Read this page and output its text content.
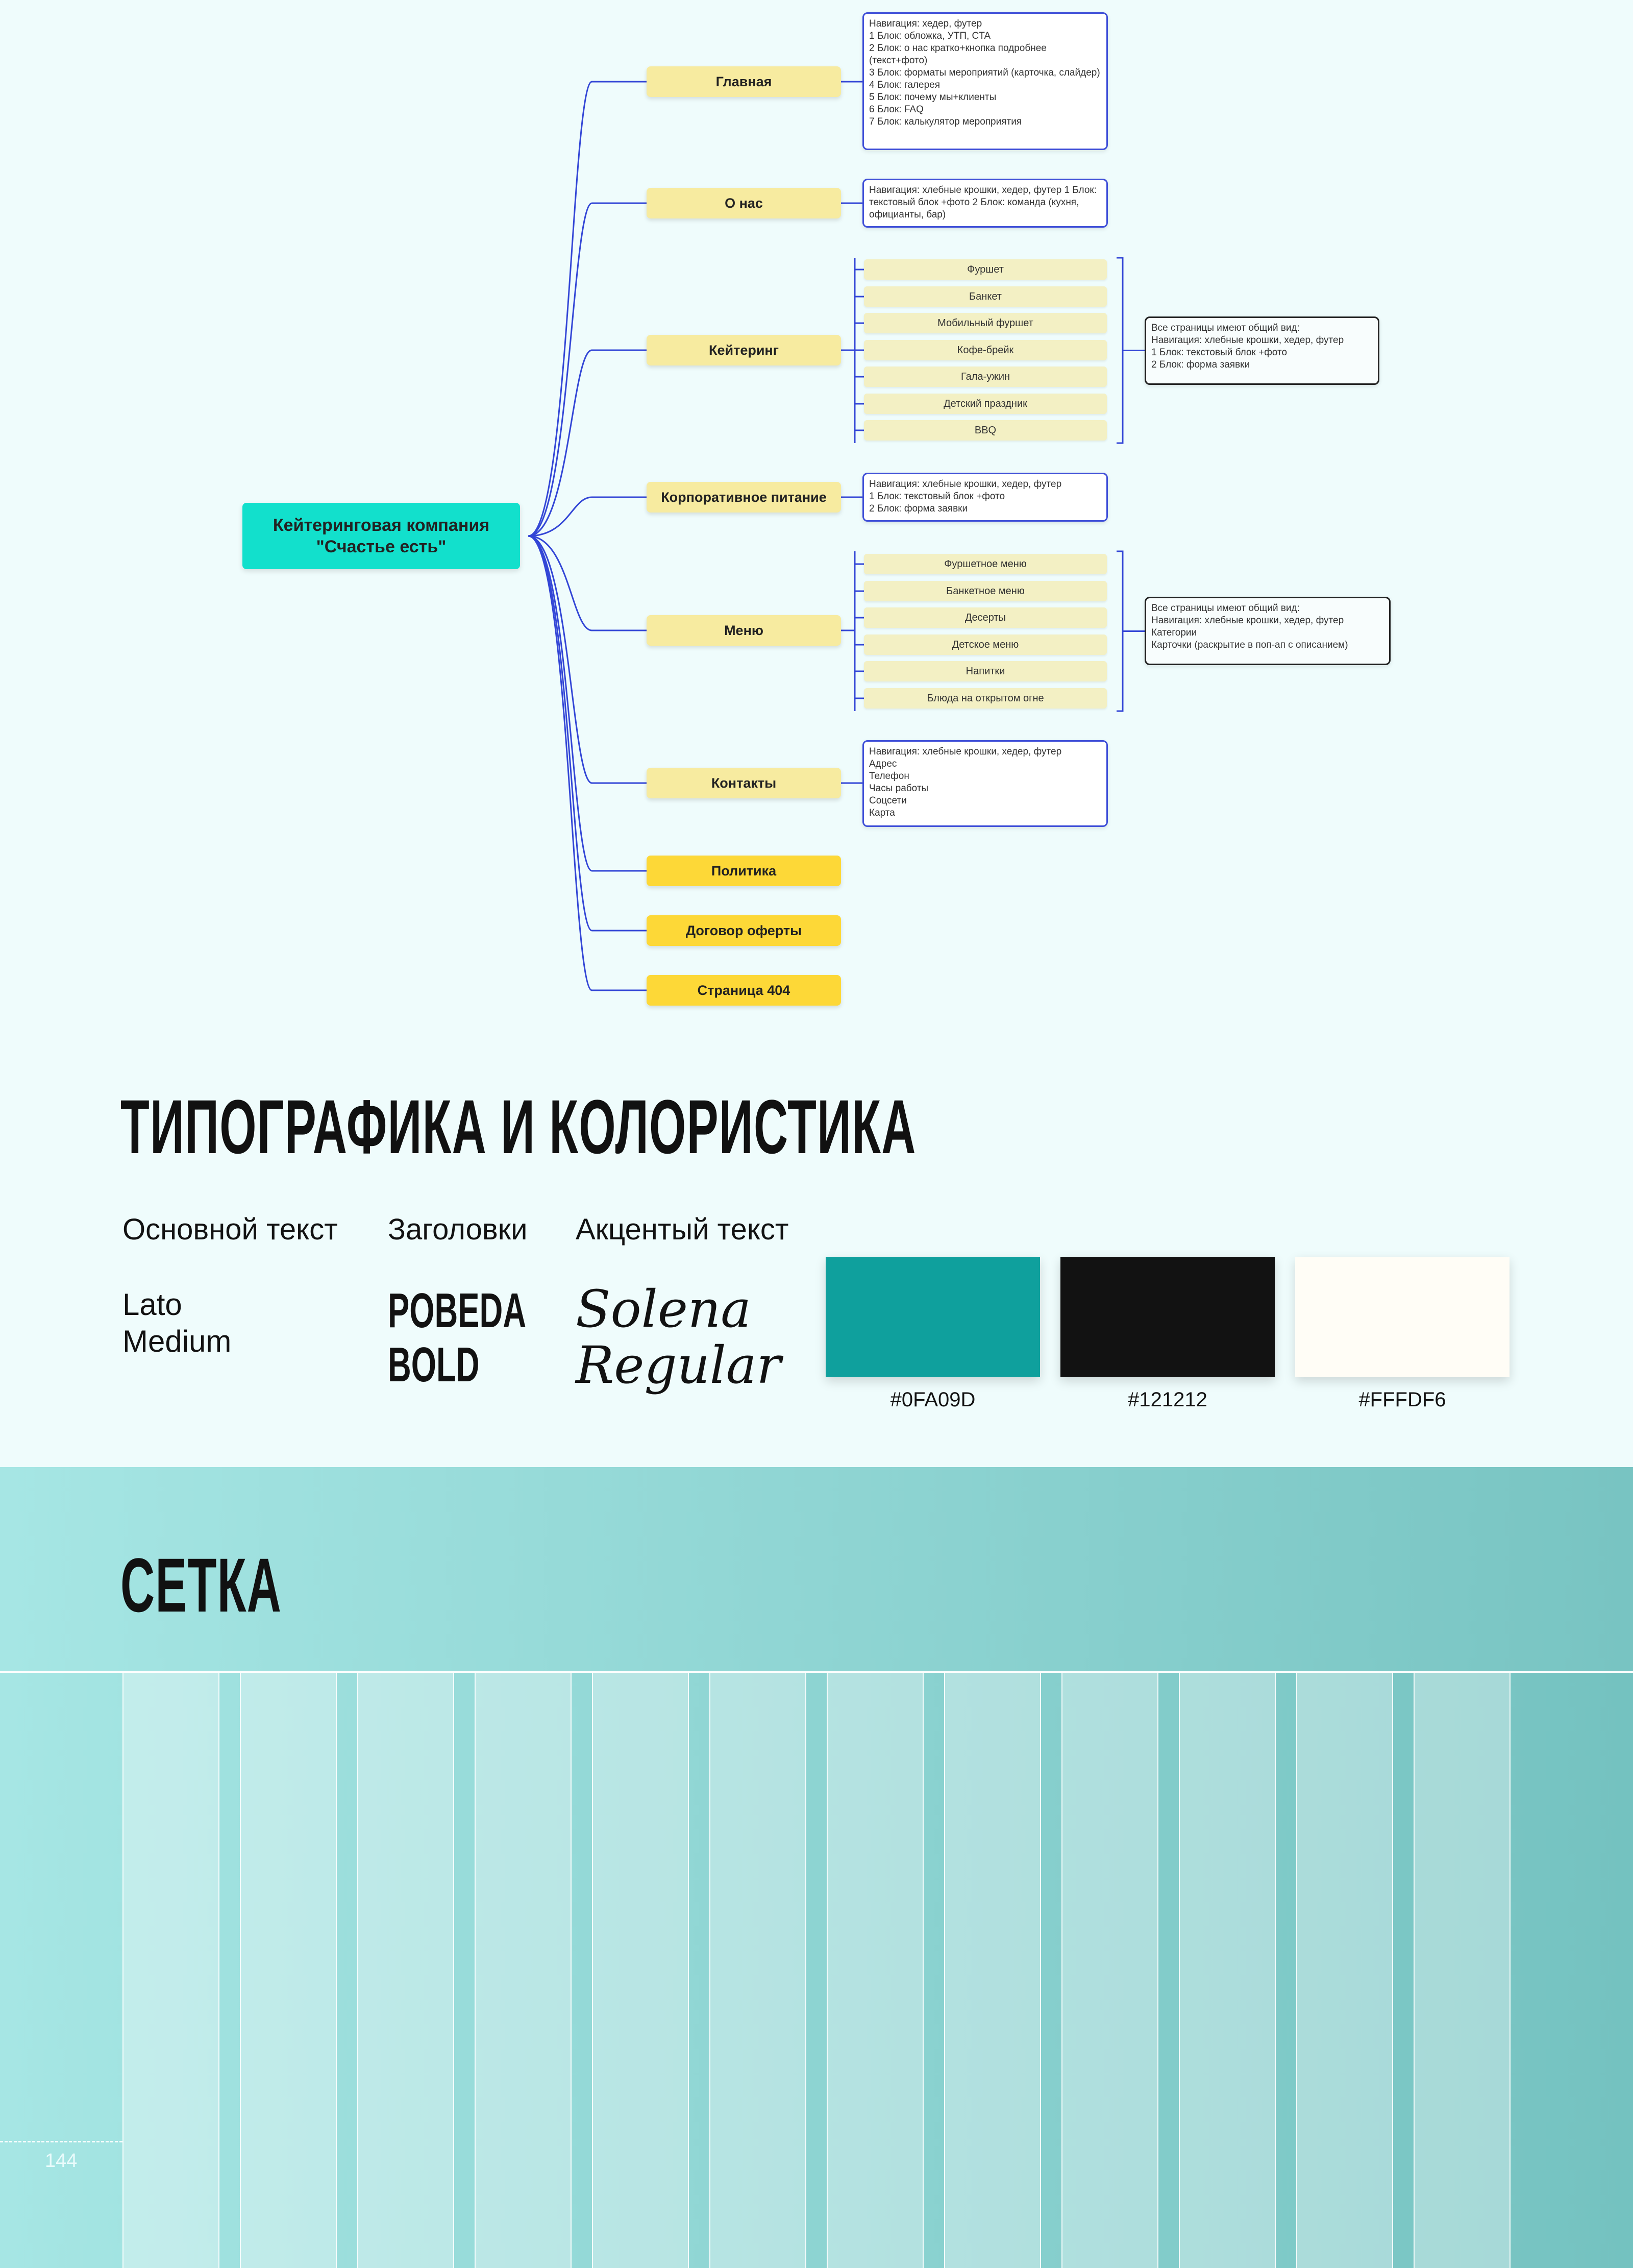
Кейтеринговая компания
"Счастье есть"
Главная
О нас
Кейтеринг
Корпоративное питание
Меню
Контакты
Политика
Договор оферты
Страница 404
Навигация: хедер, футер
1 Блок: обложка, УТП, CTA
2 Блок: о нас кратко+кнопка подробнее (текст+фото)
3 Блок: форматы мероприятий (карточка, слайдер)
4 Блок: галерея
5 Блок: почему мы+клиенты
6 Блок: FAQ
7 Блок: калькулятор мероприятия
Навигация: хлебные крошки, хедер, футер 1 Блок: текстовый блок +фото 2 Блок: команда (кухня, официанты, бар)
Все страницы имеют общий вид:
Навигация: хлебные крошки, хедер, футер
1 Блок: текстовый блок +фото
2 Блок: форма заявки
Навигация: хлебные крошки, хедер, футер
1 Блок: текстовый блок +фото
2 Блок: форма заявки
Все страницы имеют общий вид:
Навигация: хлебные крошки, хедер, футер
Категории
Карточки (раскрытие в поп-ап с описанием)
Навигация: хлебные крошки, хедер, футер
Адрес
Телефон
Часы работы
Соцсети
Карта
Фуршет
Банкет
Мобильный фуршет
Кофе-брейк
Гала-ужин
Детский праздник
BBQ
Фуршетное меню
Банкетное меню
Десерты
Детское меню
Напитки
Блюда на открытом огне
ТИПОГРАФИКА И КОЛОРИСТИКА
Основной текст Заголовки Акцентый текст
Lato
Medium
POBEDA
BOLD
Solena
Regular
#0FA09D	#121212	#FFFDF6
СЕТКА
144
